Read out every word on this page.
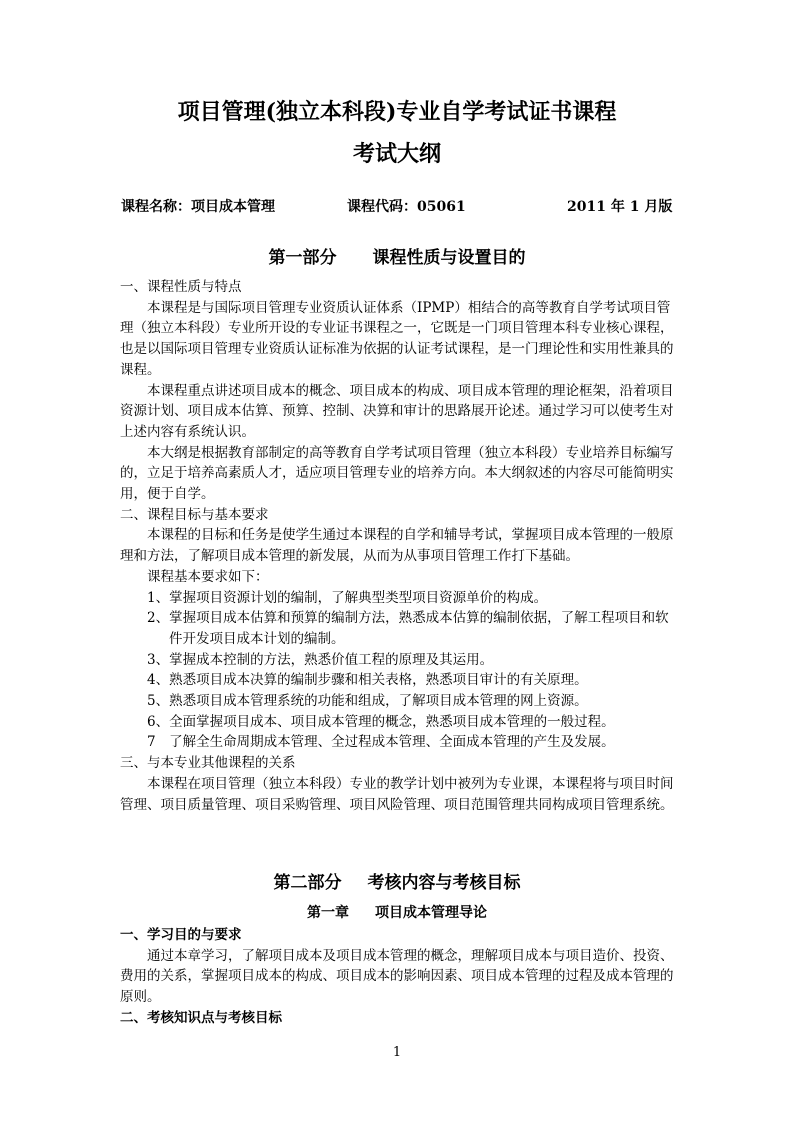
项目管理(独立本科段)专业自学考试证书课程
考试大纲
课程名称：项目成本管理	课程代码：05061	2011 年 1 月版
第一部分 课程性质与设置目的

一、课程性质与特点

本课程是与国际项目管理专业资质认证体系（IPMP）相结合的高等教育自学考试项目管理（独立本科段）专业所开设的专业证书课程之一，它既是一门项目管理本科专业核心课程，也是以国际项目管理专业资质认证标准为依据的认证考试课程，是一门理论性和实用性兼具的课程。

本课程重点讲述项目成本的概念、项目成本的构成、项目成本管理的理论框架，沿着项目资源计划、项目成本估算、预算、控制、决算和审计的思路展开论述。通过学习可以使考生对上述内容有系统认识。

本大纲是根据教育部制定的高等教育自学考试项目管理（独立本科段）专业培养目标编写的，立足于培养高素质人才，适应项目管理专业的培养方向。本大纲叙述的内容尽可能简明实用，便于自学。

二、课程目标与基本要求

本课程的目标和任务是使学生通过本课程的自学和辅导考试，掌握项目成本管理的一般原理和方法，了解项目成本管理的新发展，从而为从事项目管理工作打下基础。

课程基本要求如下：

1、掌握项目资源计划的编制，了解典型类型项目资源单价的构成。

2、掌握项目成本估算和预算的编制方法，熟悉成本估算的编制依据，了解工程项目和软件开发项目成本计划的编制。

3、掌握成本控制的方法，熟悉价值工程的原理及其运用。

4、熟悉项目成本决算的编制步骤和相关表格，熟悉项目审计的有关原理。

5、熟悉项目成本管理系统的功能和组成，了解项目成本管理的网上资源。

6、全面掌握项目成本、项目成本管理的概念，熟悉项目成本管理的一般过程。

7　了解全生命周期成本管理、全过程成本管理、全面成本管理的产生及发展。

三、与本专业其他课程的关系

本课程在项目管理（独立本科段）专业的教学计划中被列为专业课，本课程将与项目时间管理、项目质量管理、项目采购管理、项目风险管理、项目范围管理共同构成项目管理系统。

第二部分 考核内容与考核目标
第一章 项目成本管理导论

一、学习目的与要求

通过本章学习，了解项目成本及项目成本管理的概念，理解项目成本与项目造价、投资、费用的关系，掌握项目成本的构成、项目成本的影响因素、项目成本管理的过程及成本管理的原则。

二、考核知识点与考核目标

1
